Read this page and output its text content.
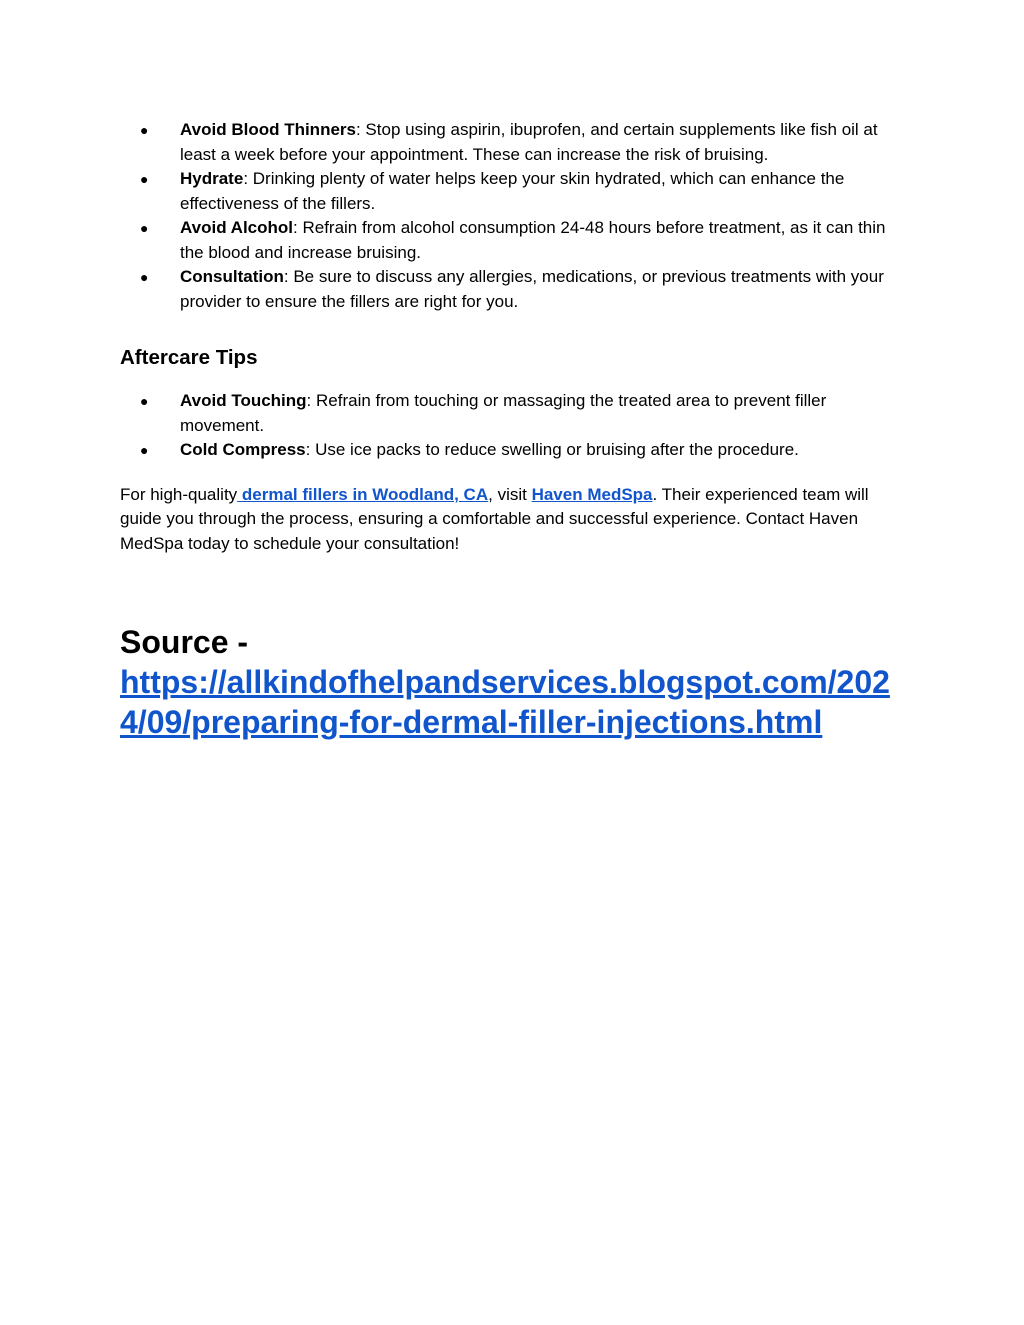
● Avoid Blood Thinners: Stop using aspirin, ibuprofen, and certain supplements like fish oil at least a week before your appointment. These can increase the risk of bruising.
● Hydrate: Drinking plenty of water helps keep your skin hydrated, which can enhance the effectiveness of the fillers.
● Avoid Alcohol: Refrain from alcohol consumption 24-48 hours before treatment, as it can thin the blood and increase bruising.
● Consultation: Be sure to discuss any allergies, medications, or previous treatments with your provider to ensure the fillers are right for you.
Aftercare Tips
● Avoid Touching: Refrain from touching or massaging the treated area to prevent filler movement.
● Cold Compress: Use ice packs to reduce swelling or bruising after the procedure.

For high-quality dermal fillers in Woodland, CA, visit Haven MedSpa. Their experienced team will guide you through the process, ensuring a comfortable and successful experience. Contact Haven MedSpa today to schedule your consultation!

Source -
https://allkindofhelpandservices.blogspot.com/2024/09/preparing-for-dermal-filler-injections.html
